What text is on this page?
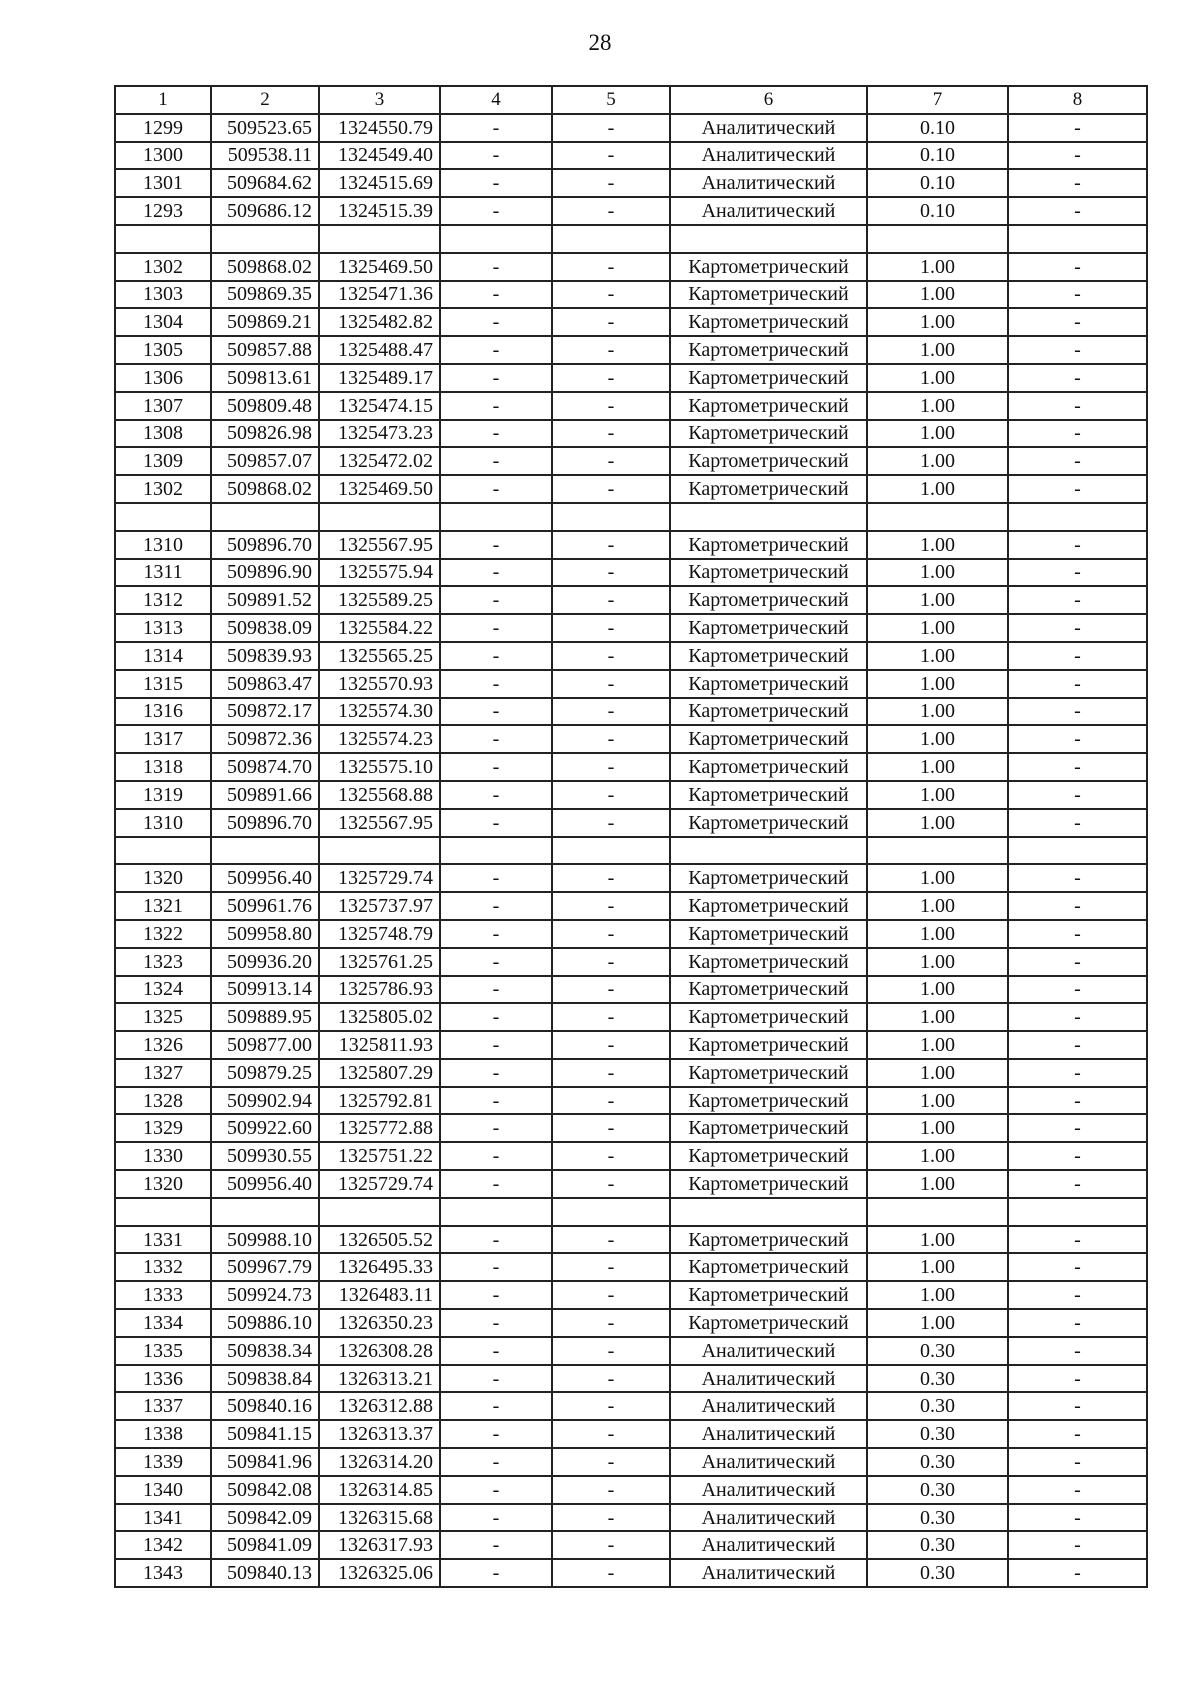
28
1	2	3	4	5	6	7	8
1299	509523.65	1324550.79	-	-	Аналитический	0.10	-
1300	509538.11	1324549.40	-	-	Аналитический	0.10	-
1301	509684.62	1324515.69	-	-	Аналитический	0.10	-
1293	509686.12	1324515.39	-	-	Аналитический	0.10	-

1302	509868.02	1325469.50	-	-	Картометрический	1.00	-
1303	509869.35	1325471.36	-	-	Картометрический	1.00	-
1304	509869.21	1325482.82	-	-	Картометрический	1.00	-
1305	509857.88	1325488.47	-	-	Картометрический	1.00	-
1306	509813.61	1325489.17	-	-	Картометрический	1.00	-
1307	509809.48	1325474.15	-	-	Картометрический	1.00	-
1308	509826.98	1325473.23	-	-	Картометрический	1.00	-
1309	509857.07	1325472.02	-	-	Картометрический	1.00	-
1302	509868.02	1325469.50	-	-	Картометрический	1.00	-

1310	509896.70	1325567.95	-	-	Картометрический	1.00	-
1311	509896.90	1325575.94	-	-	Картометрический	1.00	-
1312	509891.52	1325589.25	-	-	Картометрический	1.00	-
1313	509838.09	1325584.22	-	-	Картометрический	1.00	-
1314	509839.93	1325565.25	-	-	Картометрический	1.00	-
1315	509863.47	1325570.93	-	-	Картометрический	1.00	-
1316	509872.17	1325574.30	-	-	Картометрический	1.00	-
1317	509872.36	1325574.23	-	-	Картометрический	1.00	-
1318	509874.70	1325575.10	-	-	Картометрический	1.00	-
1319	509891.66	1325568.88	-	-	Картометрический	1.00	-
1310	509896.70	1325567.95	-	-	Картометрический	1.00	-

1320	509956.40	1325729.74	-	-	Картометрический	1.00	-
1321	509961.76	1325737.97	-	-	Картометрический	1.00	-
1322	509958.80	1325748.79	-	-	Картометрический	1.00	-
1323	509936.20	1325761.25	-	-	Картометрический	1.00	-
1324	509913.14	1325786.93	-	-	Картометрический	1.00	-
1325	509889.95	1325805.02	-	-	Картометрический	1.00	-
1326	509877.00	1325811.93	-	-	Картометрический	1.00	-
1327	509879.25	1325807.29	-	-	Картометрический	1.00	-
1328	509902.94	1325792.81	-	-	Картометрический	1.00	-
1329	509922.60	1325772.88	-	-	Картометрический	1.00	-
1330	509930.55	1325751.22	-	-	Картометрический	1.00	-
1320	509956.40	1325729.74	-	-	Картометрический	1.00	-

1331	509988.10	1326505.52	-	-	Картометрический	1.00	-
1332	509967.79	1326495.33	-	-	Картометрический	1.00	-
1333	509924.73	1326483.11	-	-	Картометрический	1.00	-
1334	509886.10	1326350.23	-	-	Картометрический	1.00	-
1335	509838.34	1326308.28	-	-	Аналитический	0.30	-
1336	509838.84	1326313.21	-	-	Аналитический	0.30	-
1337	509840.16	1326312.88	-	-	Аналитический	0.30	-
1338	509841.15	1326313.37	-	-	Аналитический	0.30	-
1339	509841.96	1326314.20	-	-	Аналитический	0.30	-
1340	509842.08	1326314.85	-	-	Аналитический	0.30	-
1341	509842.09	1326315.68	-	-	Аналитический	0.30	-
1342	509841.09	1326317.93	-	-	Аналитический	0.30	-
1343	509840.13	1326325.06	-	-	Аналитический	0.30	-
